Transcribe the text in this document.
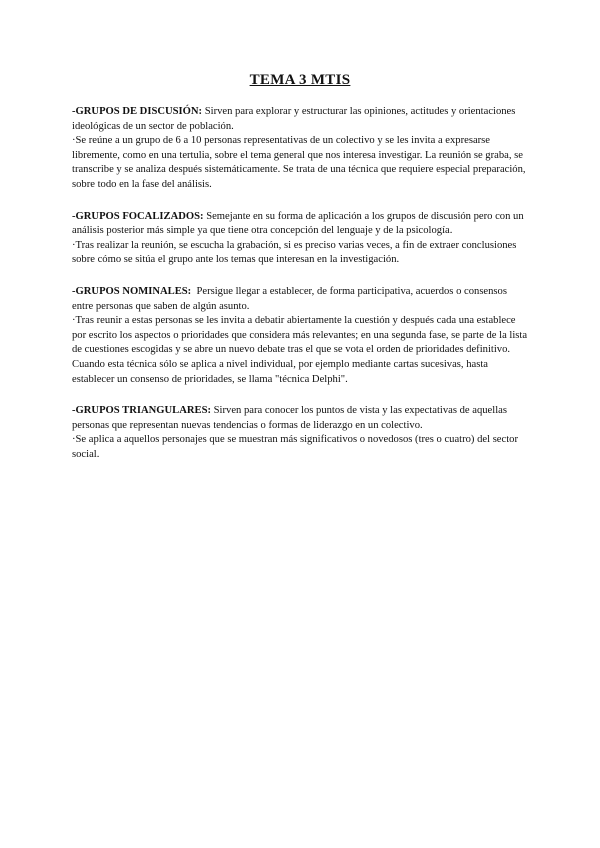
TEMA 3 MTIS

-GRUPOS DE DISCUSIÓN: Sirven para explorar y estructurar las opiniones, actitudes y orientaciones ideológicas de un sector de población.

·Se reúne a un grupo de 6 a 10 personas representativas de un colectivo y se les invita a expresarse libremente, como en una tertulia, sobre el tema general que nos interesa investigar. La reunión se graba, se transcribe y se analiza después sistemáticamente. Se trata de una técnica que requiere especial preparación, sobre todo en la fase del análisis.

-GRUPOS FOCALIZADOS: Semejante en su forma de aplicación a los grupos de discusión pero con un análisis posterior más simple ya que tiene otra concepción del lenguaje y de la psicología.

·Tras realizar la reunión, se escucha la grabación, si es preciso varias veces, a fin de extraer conclusiones sobre cómo se sitúa el grupo ante los temas que interesan en la investigación.

-GRUPOS NOMINALES:  Persigue llegar a establecer, de forma participativa, acuerdos o consensos entre personas que saben de algún asunto.

·Tras reunir a estas personas se les invita a debatir abiertamente la cuestión y después cada una establece por escrito los aspectos o prioridades que considera más relevantes; en una segunda fase, se parte de la lista de cuestiones escogidas y se abre un nuevo debate tras el que se vota el orden de prioridades definitivo. Cuando esta técnica sólo se aplica a nivel individual, por ejemplo mediante cartas sucesivas, hasta establecer un consenso de prioridades, se llama "técnica Delphi".

-GRUPOS TRIANGULARES: Sirven para conocer los puntos de vista y las expectativas de aquellas personas que representan nuevas tendencias o formas de liderazgo en un colectivo.

·Se aplica a aquellos personajes que se muestran más significativos o novedosos (tres o cuatro) del sector social.
